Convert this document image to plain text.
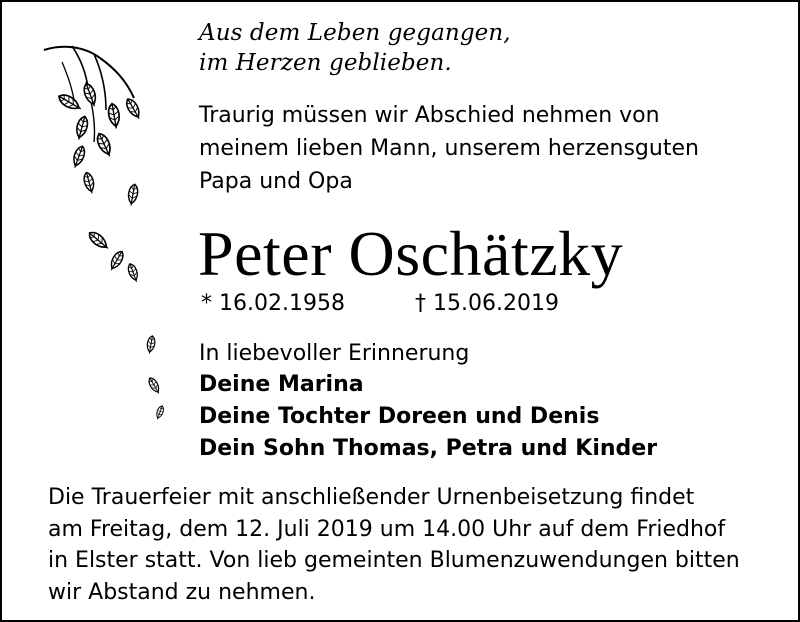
Aus dem Leben gegangen,
im Herzen geblieben.
Traurig müssen wir Abschied nehmen von
meinem lieben Mann, unserem herzensguten
Papa und Opa
Peter Oschätzky
* 16.02.1958	† 15.06.2019
In liebevoller Erinnerung
Deine Marina
Deine Tochter Doreen und Denis
Dein Sohn Thomas, Petra und Kinder
Die Trauerfeier mit anschließender Urnenbeisetzung findet
am Freitag, dem 12. Juli 2019 um 14.00 Uhr auf dem Friedhof
in Elster statt. Von lieb gemeinten Blumenzuwendungen bitten
wir Abstand zu nehmen.
